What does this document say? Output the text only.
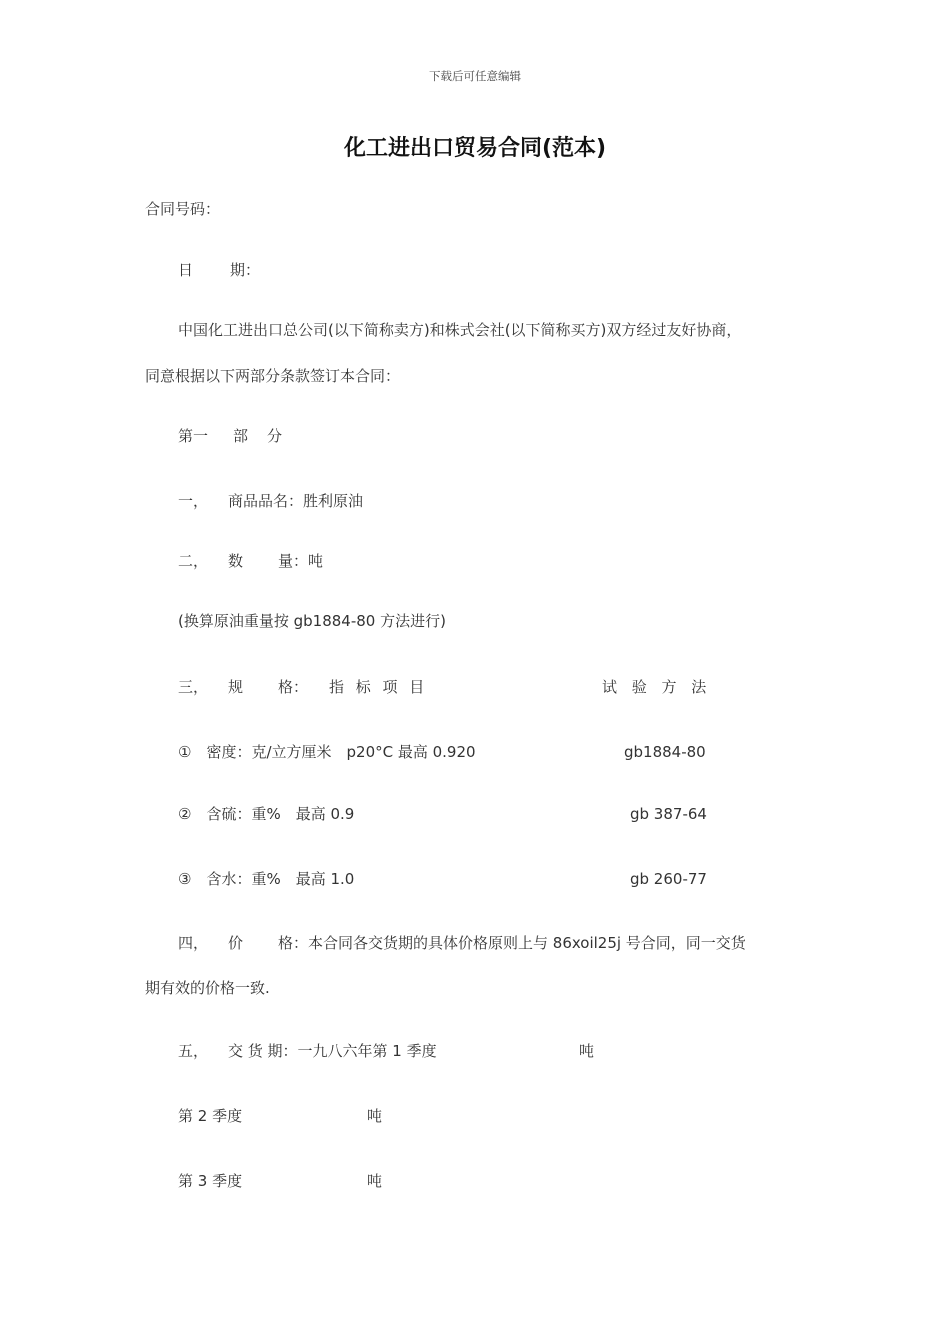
下载后可任意编辑
化工进出口贸易合同(范本)
合同号码：
日 期：
中国化工进出口总公司(以下简称卖方)和株式会社(以下简称买方)双方经过友好协商，
同意根据以下两部分条款签订本合同：
第一 部 分
一， 商品品名：胜利原油
二， 数 量：吨
(换算原油重量按 gb1884-80 方法进行)
三， 规 格： 指 标 项 目	试 验 方 法
①　密度：克/立方厘米　p20°C 最高 0.920	gb1884-80
②　含硫：重%　最高 0.9	gb 387-64
③　含水：重%　最高 1.0	gb 260-77
四， 价 格：本合同各交货期的具体价格原则上与 86xoil25j 号合同，同一交货
期有效的价格一致.
五， 交 货 期：一九八六年第 1 季度	吨
第 2 季度	吨
第 3 季度	吨
